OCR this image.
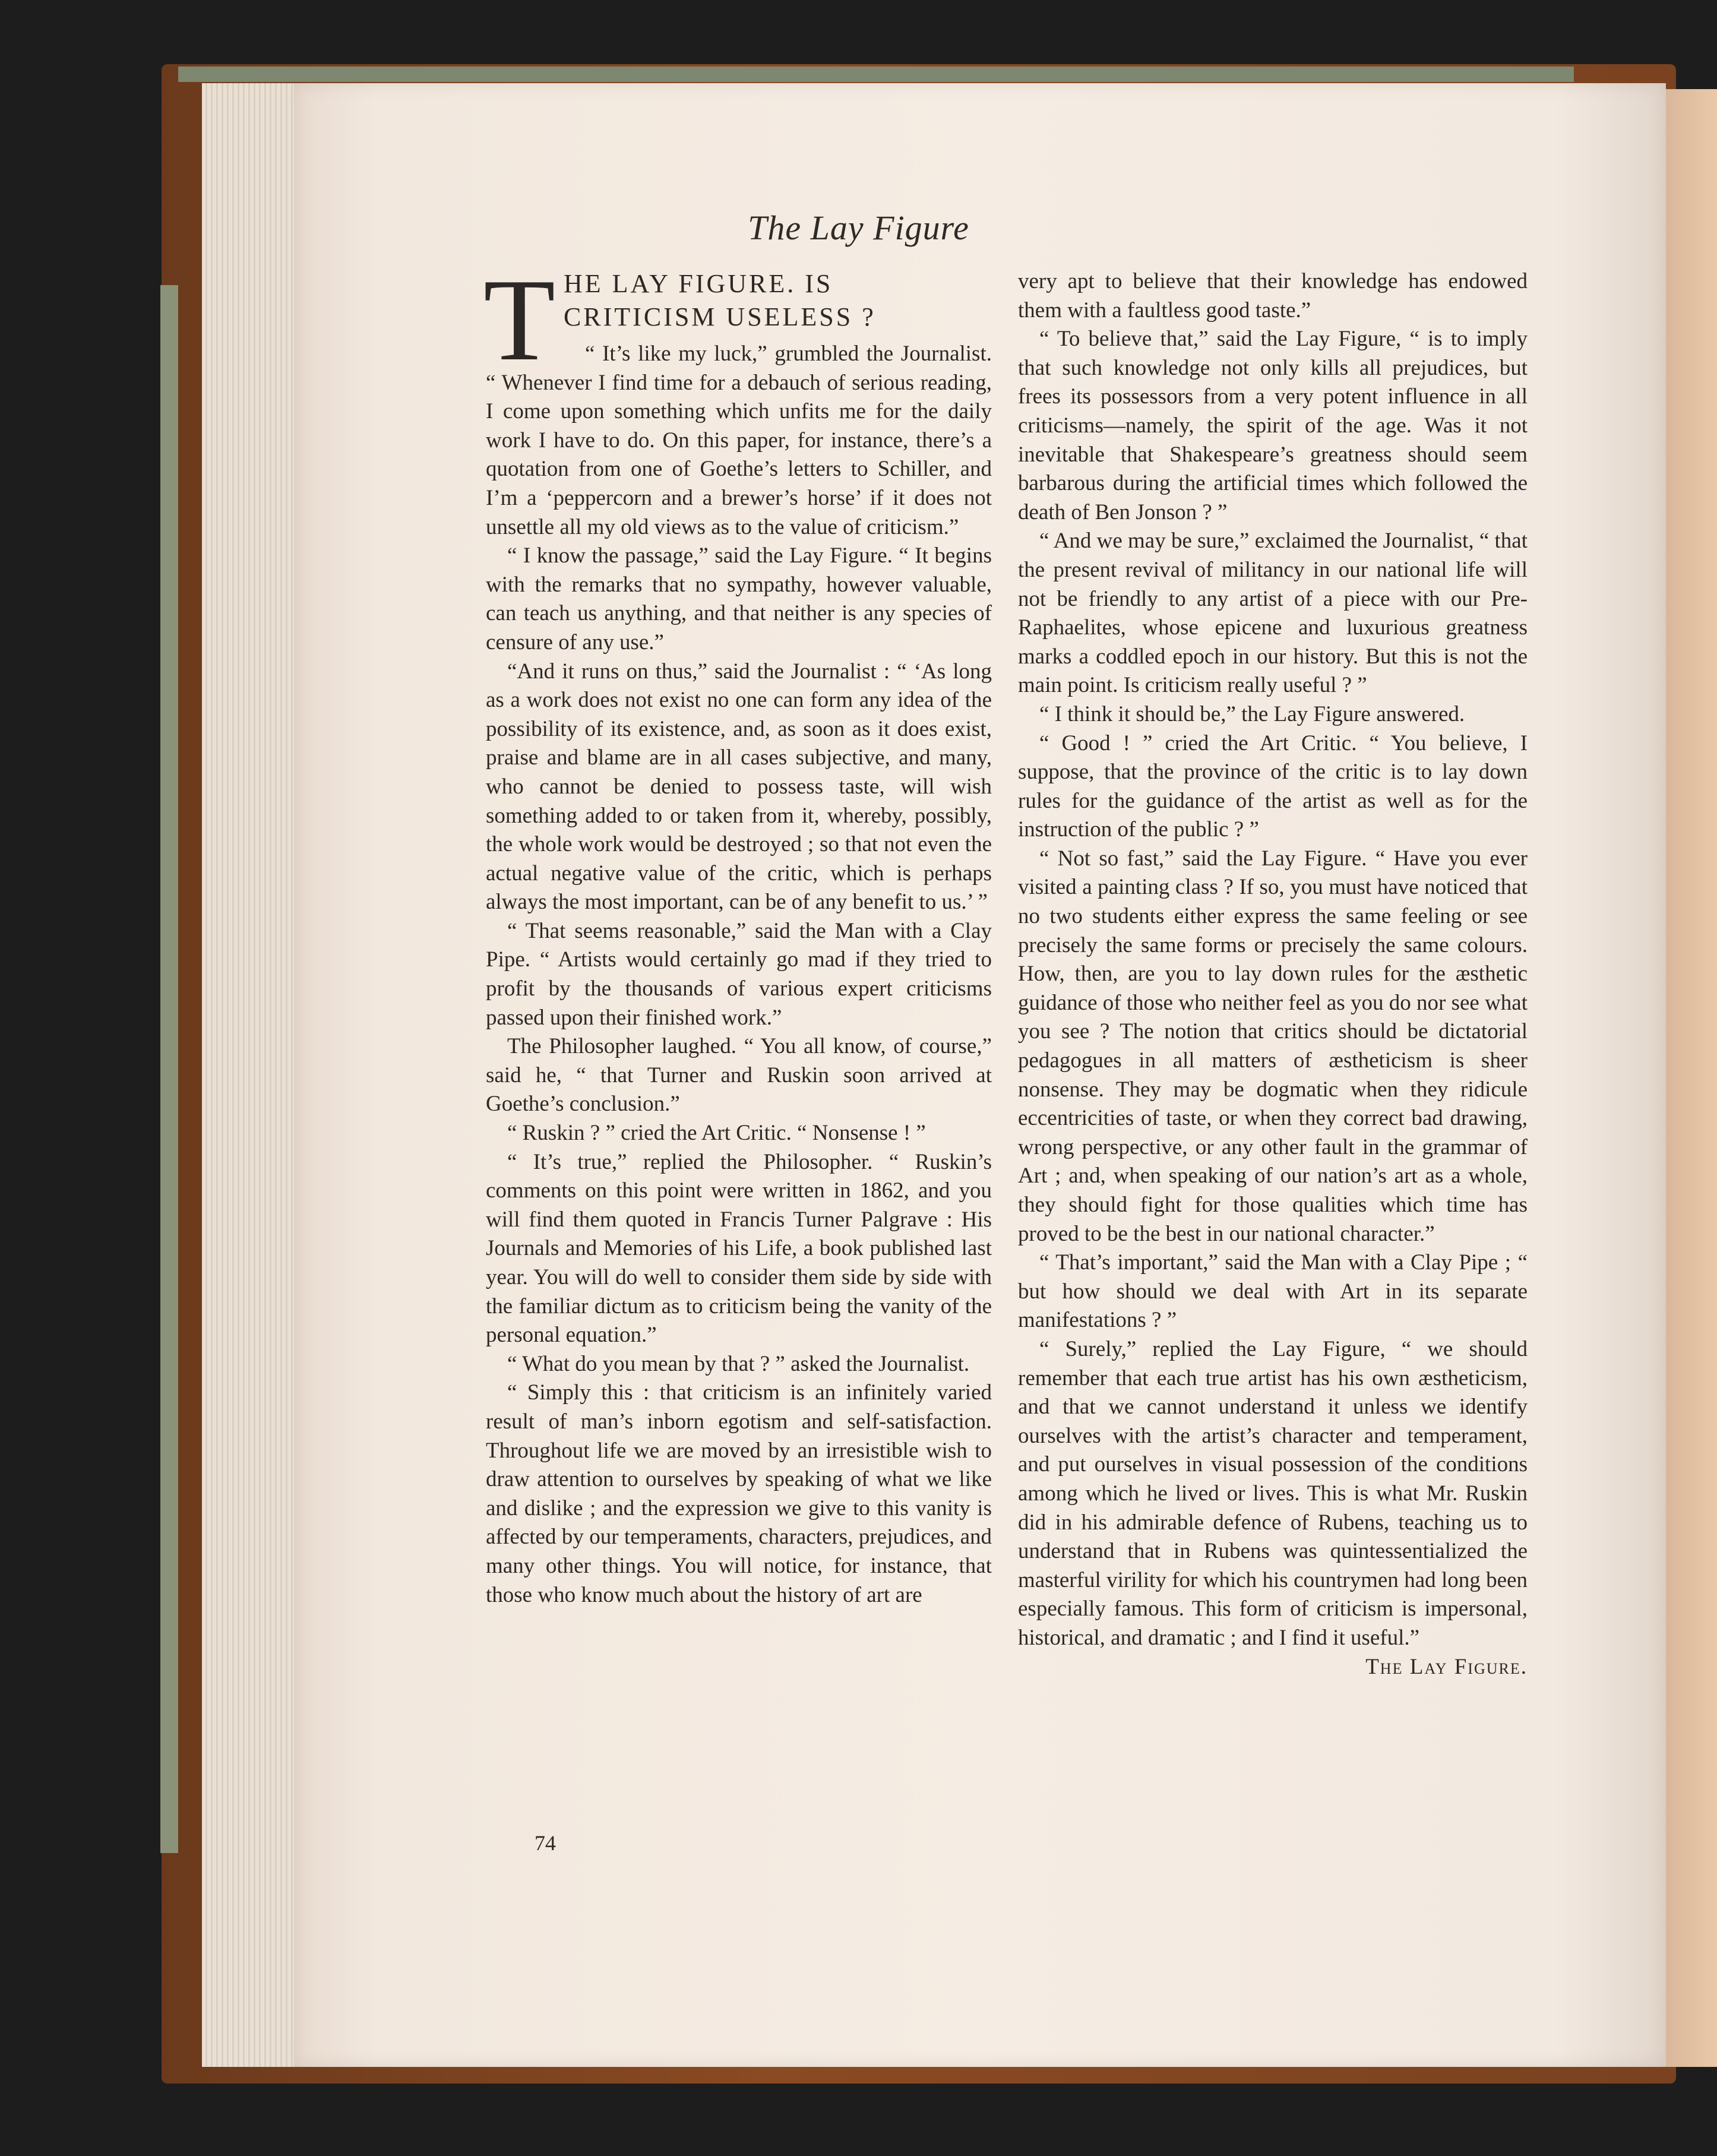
The Lay Figure
T HE LAY FIGURE. IS CRITICISM USELESS ?

“ It’s like my luck,” grumbled the Journalist. “ Whenever I find time for a debauch of serious reading, I come upon something which unfits me for the daily work I have to do. On this paper, for instance, there’s a quotation from one of Goethe’s letters to Schiller, and I’m a ‘peppercorn and a brewer’s horse’ if it does not unsettle all my old views as to the value of criticism.”

“ I know the passage,” said the Lay Figure. “ It begins with the remarks that no sympathy, however valuable, can teach us anything, and that neither is any species of censure of any use.”

“And it runs on thus,” said the Journalist : “ ‘As long as a work does not exist no one can form any idea of the possibility of its existence, and, as soon as it does exist, praise and blame are in all cases subjective, and many, who cannot be denied to possess taste, will wish something added to or taken from it, whereby, possibly, the whole work would be destroyed ; so that not even the actual negative value of the critic, which is perhaps always the most important, can be of any benefit to us.’ ”

“ That seems reasonable,” said the Man with a Clay Pipe. “ Artists would certainly go mad if they tried to profit by the thousands of various expert criticisms passed upon their finished work.”

The Philosopher laughed. “ You all know, of course,” said he, “ that Turner and Ruskin soon arrived at Goethe’s conclusion.”

“ Ruskin ? ” cried the Art Critic. “ Nonsense ! ”

“ It’s true,” replied the Philosopher. “ Ruskin’s comments on this point were written in 1862, and you will find them quoted in Francis Turner Palgrave : His Journals and Memories of his Life, a book published last year. You will do well to consider them side by side with the familiar dictum as to criticism being the vanity of the personal equation.”

“ What do you mean by that ? ” asked the Journalist.

“ Simply this : that criticism is an infinitely varied result of man’s inborn egotism and self-satisfaction. Throughout life we are moved by an irresistible wish to draw attention to ourselves by speaking of what we like and dislike ; and the expression we give to this vanity is affected by our temperaments, characters, prejudices, and many other things. You will notice, for instance, that those who know much about the history of art are

very apt to believe that their knowledge has endowed them with a faultless good taste.”

“ To believe that,” said the Lay Figure, “ is to imply that such knowledge not only kills all prejudices, but frees its possessors from a very potent influence in all criticisms—namely, the spirit of the age. Was it not inevitable that Shakespeare’s greatness should seem barbarous during the artificial times which followed the death of Ben Jonson ? ”

“ And we may be sure,” exclaimed the Journalist, “ that the present revival of militancy in our national life will not be friendly to any artist of a piece with our Pre-Raphaelites, whose epicene and luxurious greatness marks a coddled epoch in our history. But this is not the main point. Is criticism really useful ? ”

“ I think it should be,” the Lay Figure answered.

“ Good ! ” cried the Art Critic. “ You believe, I suppose, that the province of the critic is to lay down rules for the guidance of the artist as well as for the instruction of the public ? ”

“ Not so fast,” said the Lay Figure. “ Have you ever visited a painting class ? If so, you must have noticed that no two students either express the same feeling or see precisely the same forms or precisely the same colours. How, then, are you to lay down rules for the æsthetic guidance of those who neither feel as you do nor see what you see ? The notion that critics should be dictatorial pedagogues in all matters of æstheticism is sheer nonsense. They may be dogmatic when they ridicule eccentricities of taste, or when they correct bad drawing, wrong perspective, or any other fault in the grammar of Art ; and, when speaking of our nation’s art as a whole, they should fight for those qualities which time has proved to be the best in our national character.”

“ That’s important,” said the Man with a Clay Pipe ; “ but how should we deal with Art in its separate manifestations ? ”

“ Surely,” replied the Lay Figure, “ we should remember that each true artist has his own æstheticism, and that we cannot understand it unless we identify ourselves with the artist’s character and temperament, and put ourselves in visual possession of the conditions among which he lived or lives. This is what Mr. Ruskin did in his admirable defence of Rubens, teaching us to understand that in Rubens was quintessentialized the masterful virility for which his countrymen had long been especially famous. This form of criticism is impersonal, historical, and dramatic ; and I find it useful.”

The Lay Figure.

74
